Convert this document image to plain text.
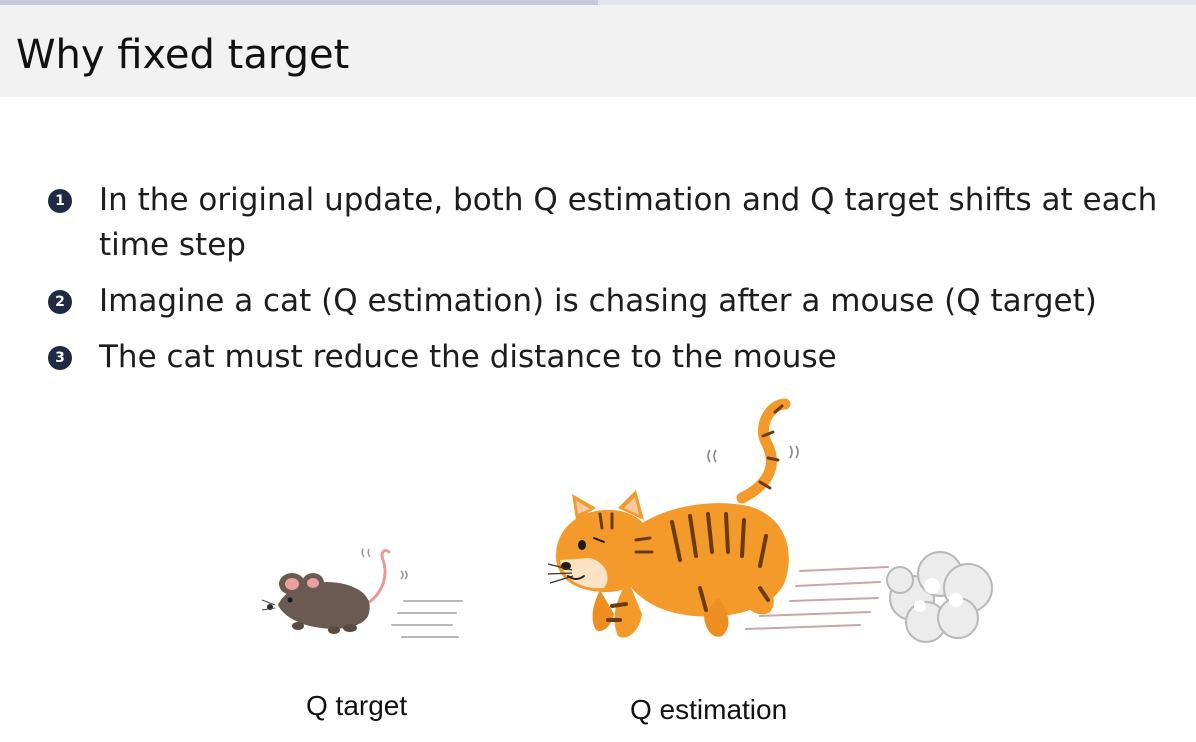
Why fixed target
1 In the original update, both Q estimation and Q target shifts at each time step
2 Imagine a cat (Q estimation) is chasing after a mouse (Q target)
3 The cat must reduce the distance to the mouse
Q target	Q estimation
